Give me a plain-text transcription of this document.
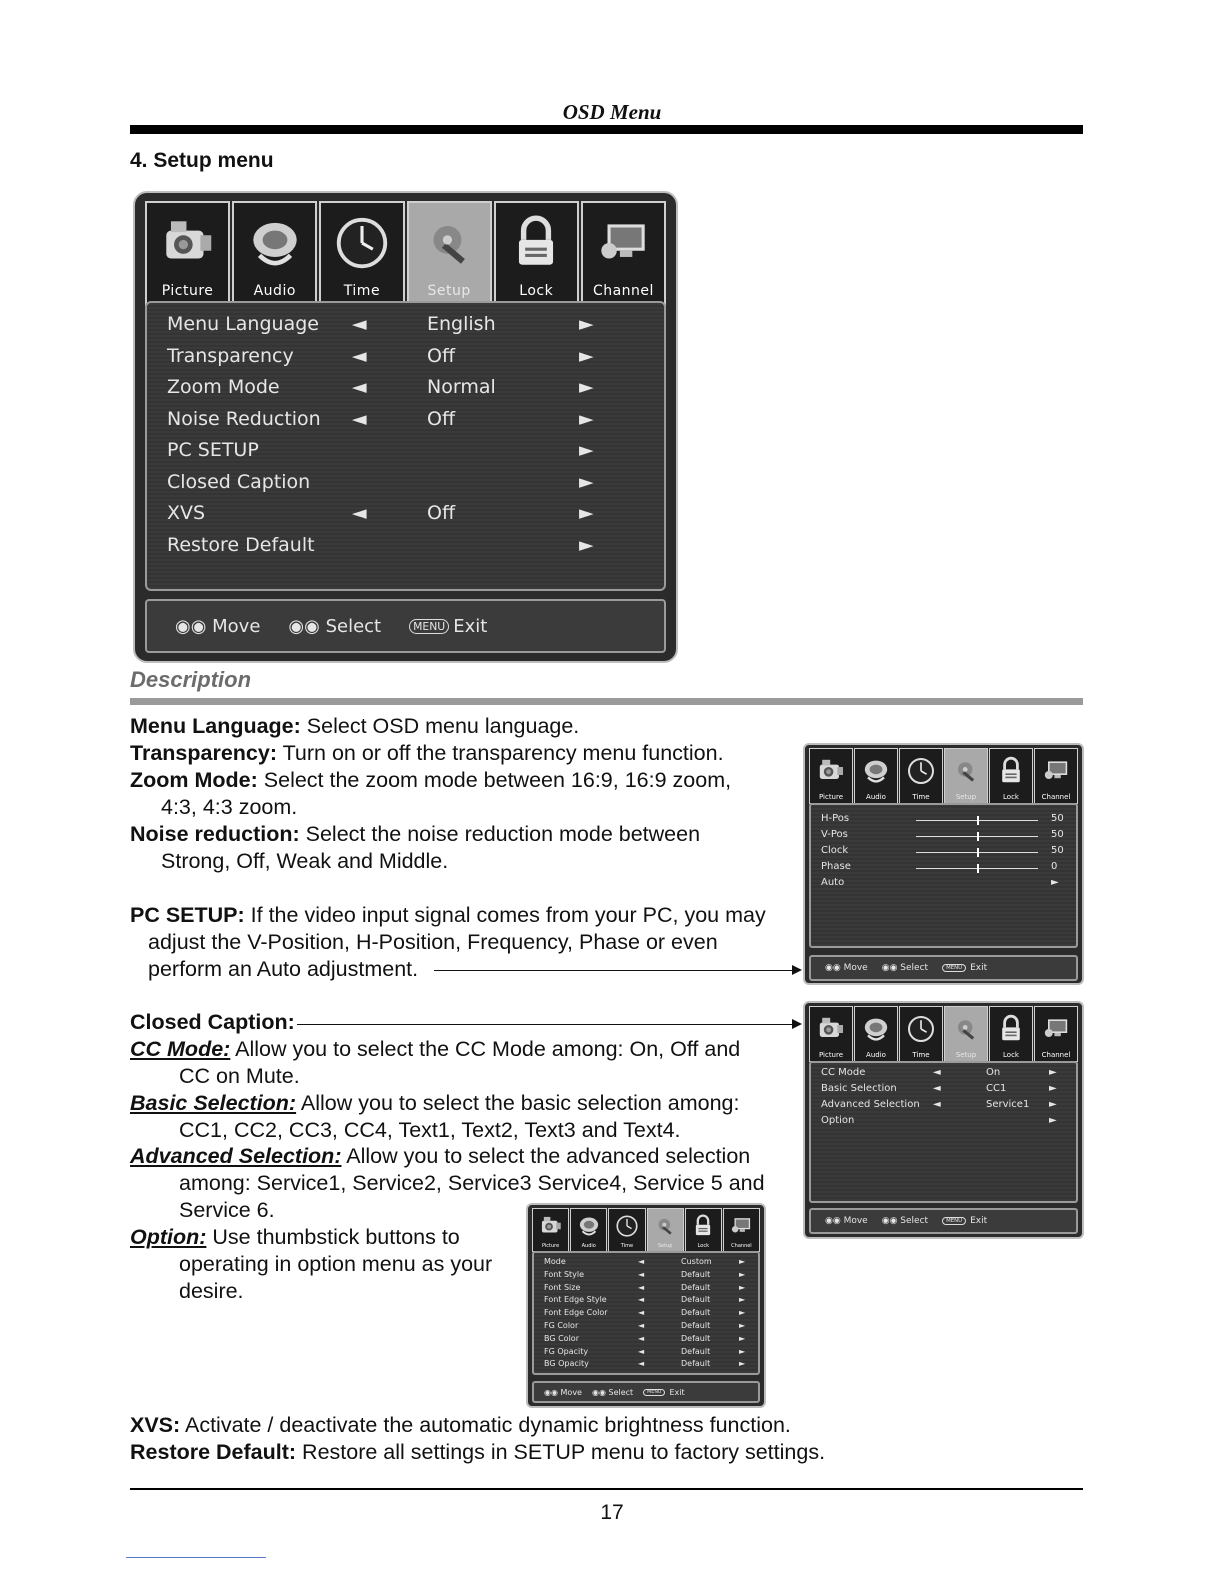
OSD Menu
4. Setup menu
Picture	Audio	Time	Setup	Lock	Channel
Menu Language ◄	English	►
Transparency	◄	Off	►
Zoom Mode	◄	Normal	►
Noise Reduction ◄	Off	►
PC SETUP	►
Closed Caption	►
XVS	◄	Off	►
Restore Default	►
◉◉ Move ◉◉ Select	MENU Exit
Picture	Audio	Time	Setup	Lock	Channel
H-Pos	50
V-Pos	50
Clock	50
Phase	0
Auto	►
◉◉ Move ◉◉ Select	MENU Exit
Picture	Audio	Time	Setup	Lock	Channel
CC Mode	◄	On	►
Basic Selection	◄	CC1	►
Advanced Selection ◄	Service1 ►
Option	►
◉◉ Move ◉◉ Select	MENU Exit
Picture	Audio	Time	Setup	Lock	Channel
Mode	◄	Custom	►
Font Style	◄	Default	►
Font Size	◄	Default	►
Font Edge Style	◄	Default	►
Font Edge Color	◄	Default	►
FG Color	◄	Default	►
BG Color	◄	Default	►
FG Opacity	◄	Default	►
BG Opacity	◄	Default	►
◉◉ Move ◉◉ Select	MENU Exit
Description
Menu Language: Select OSD menu language.
Transparency: Turn on or off the transparency menu function.
Zoom Mode: Select the zoom mode between 16:9, 16:9 zoom,
4:3, 4:3 zoom.
Noise reduction: Select the noise reduction mode between
Strong, Off, Weak and Middle.
PC SETUP: If the video input signal comes from your PC, you may
adjust the V-Position, H-Position, Frequency, Phase or even
perform an Auto adjustment.
Closed Caption:
CC Mode: Allow you to select the CC Mode among: On, Off and
CC on Mute.
Basic Selection: Allow you to select the basic selection among:
CC1, CC2, CC3, CC4, Text1, Text2, Text3 and Text4.
Advanced Selection: Allow you to select the advanced selection
among: Service1, Service2, Service3 Service4, Service 5 and
Service 6.
Option: Use thumbstick buttons to
operating in option menu as your
desire.
XVS: Activate / deactivate the automatic dynamic brightness function.
Restore Default: Restore all settings in SETUP menu to factory settings.
17
